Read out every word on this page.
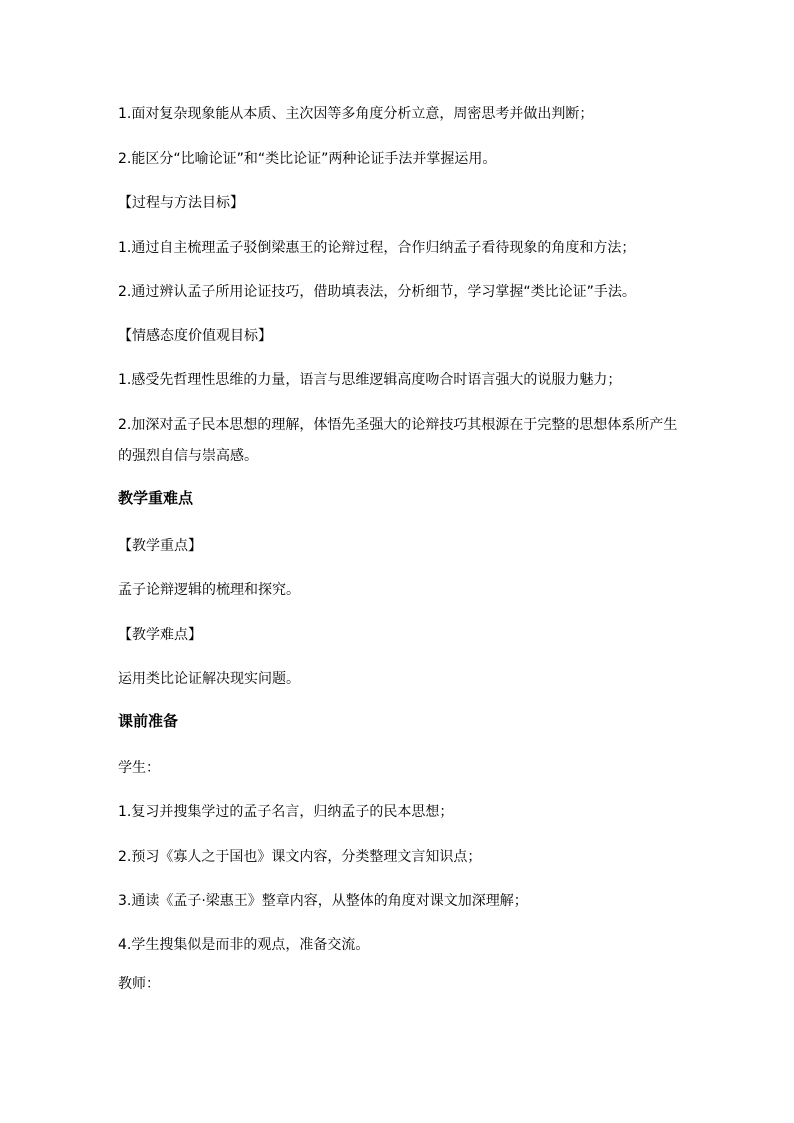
1.面对复杂现象能从本质、主次因等多角度分析立意，周密思考并做出判断；
2.能区分“比喻论证”和“类比论证”两种论证手法并掌握运用。
【过程与方法目标】
1.通过自主梳理孟子驳倒梁惠王的论辩过程，合作归纳孟子看待现象的角度和方法；
2.通过辨认孟子所用论证技巧，借助填表法，分析细节，学习掌握“类比论证”手法。
【情感态度价值观目标】
1.感受先哲理性思维的力量，语言与思维逻辑高度吻合时语言强大的说服力魅力；
2.加深对孟子民本思想的理解，体悟先圣强大的论辩技巧其根源在于完整的思想体系所产生
的强烈自信与崇高感。
教学重难点
【教学重点】
孟子论辩逻辑的梳理和探究。
【教学难点】
运用类比论证解决现实问题。
课前准备
学生：
1.复习并搜集学过的孟子名言，归纳孟子的民本思想；
2.预习《寡人之于国也》课文内容，分类整理文言知识点；
3.通读《孟子·梁惠王》整章内容，从整体的角度对课文加深理解；
4.学生搜集似是而非的观点，准备交流。
教师：
